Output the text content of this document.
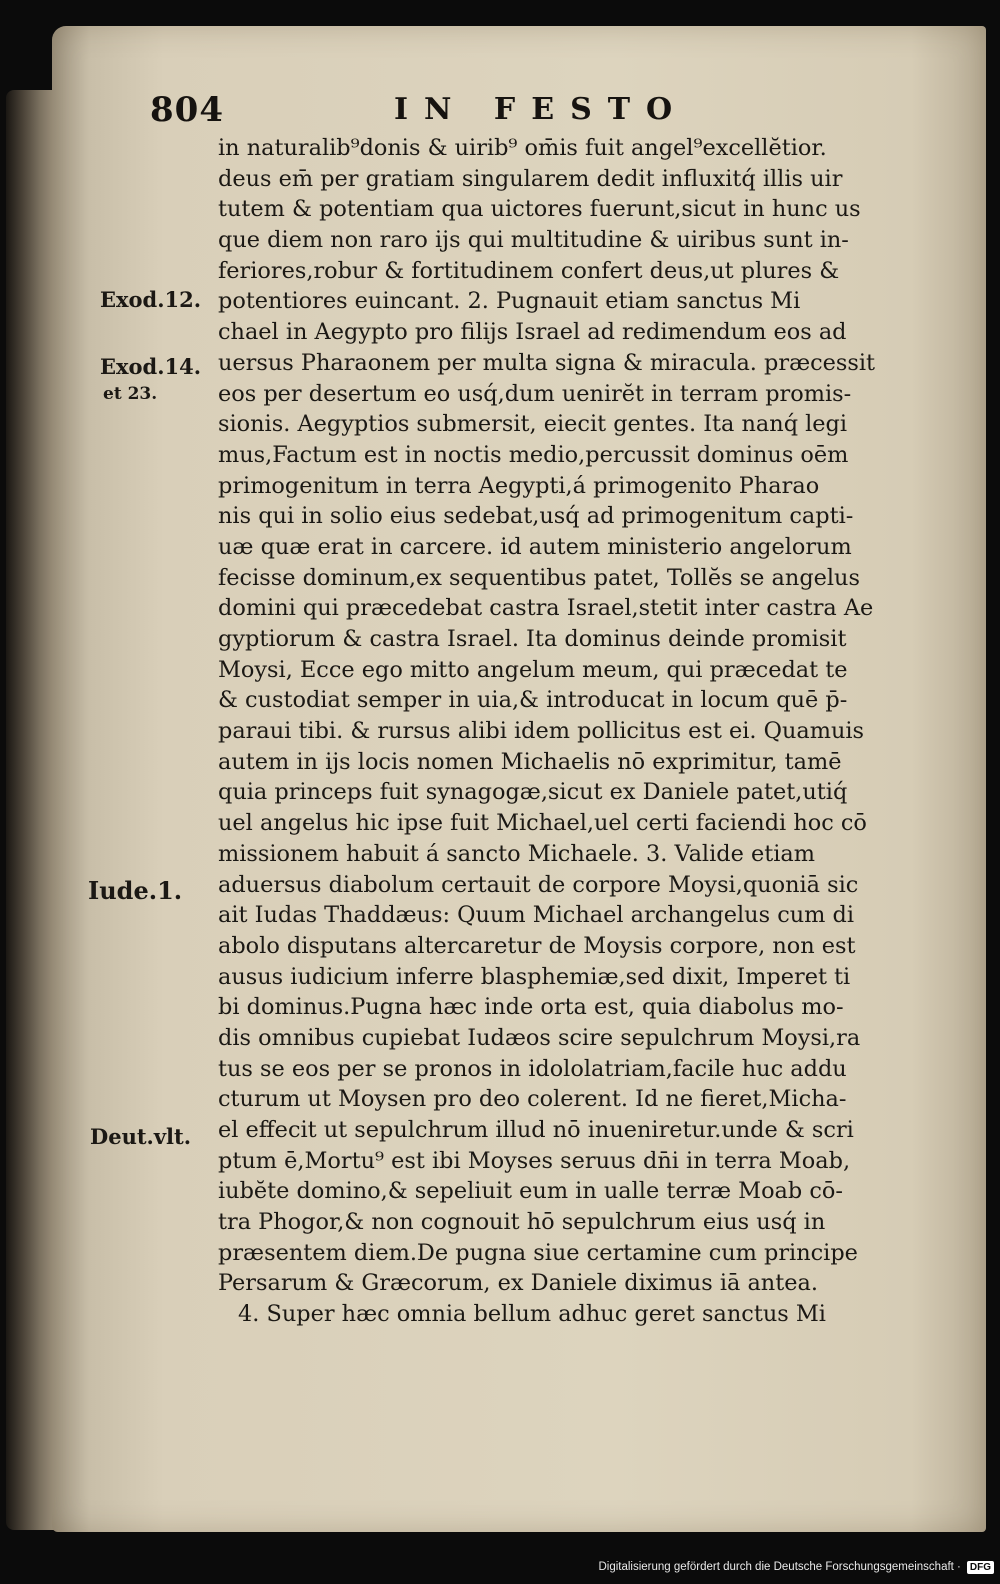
804	IN FESTO
Exod.12.
Exod.14.
et 23.
Iude.1.
Deut.vlt.
in naturalib⁹donis & uirib⁹ om̄is fuit angel⁹excellĕtior.
deus em̄ per gratiam singularem dedit influxitq́ illis uir
tutem & potentiam qua uictores fuerunt,sicut in hunc us
que diem non raro ijs qui multitudine & uiribus sunt in-
feriores,robur & fortitudinem confert deus,ut plures &
potentiores euincant. 2. Pugnauit etiam sanctus Mi
chael in Aegypto pro filijs Israel ad redimendum eos ad
uersus Pharaonem per multa signa & miracula. præcessit
eos per desertum eo usq́,dum uenirĕt in terram promis-
sionis. Aegyptios submersit, eiecit gentes. Ita nanq́ legi
mus,Factum est in noctis medio,percussit dominus oēm
primogenitum in terra Aegypti,á primogenito Pharao
nis qui in solio eius sedebat,usq́ ad primogenitum capti-
uæ quæ erat in carcere. id autem ministerio angelorum
fecisse dominum,ex sequentibus patet, Tollĕs se angelus
domini qui præcedebat castra Israel,stetit inter castra Ae
gyptiorum & castra Israel. Ita dominus deinde promisit
Moysi, Ecce ego mitto angelum meum, qui præcedat te
& custodiat semper in uia,& introducat in locum quē p̄-
paraui tibi. & rursus alibi idem pollicitus est ei. Quamuis
autem in ijs locis nomen Michaelis nō exprimitur, tamē
quia princeps fuit synagogæ,sicut ex Daniele patet,utiq́
uel angelus hic ipse fuit Michael,uel certi faciendi hoc cō
missionem habuit á sancto Michaele. 3. Valide etiam
aduersus diabolum certauit de corpore Moysi,quoniā sic
ait Iudas Thaddæus: Quum Michael archangelus cum di
abolo disputans altercaretur de Moysis corpore, non est
ausus iudicium inferre blasphemiæ,sed dixit, Imperet ti
bi dominus.Pugna hæc inde orta est, quia diabolus mo-
dis omnibus cupiebat Iudæos scire sepulchrum Moysi,ra
tus se eos per se pronos in idololatriam,facile huc addu
cturum ut Moysen pro deo colerent. Id ne fieret,Micha-
el effecit ut sepulchrum illud nō inueniretur.unde & scri
ptum ē,Mortu⁹ est ibi Moyses seruus dn̄i in terra Moab,
iubĕte domino,& sepeliuit eum in ualle terræ Moab cō-
tra Phogor,& non cognouit hō sepulchrum eius usq́ in
præsentem diem.De pugna siue certamine cum principe
Persarum & Græcorum, ex Daniele diximus iā antea.
4. Super hæc omnia bellum adhuc geret sanctus Mi
Digitalisierung gefördert durch die Deutsche Forschungsgemeinschaft · DFG
